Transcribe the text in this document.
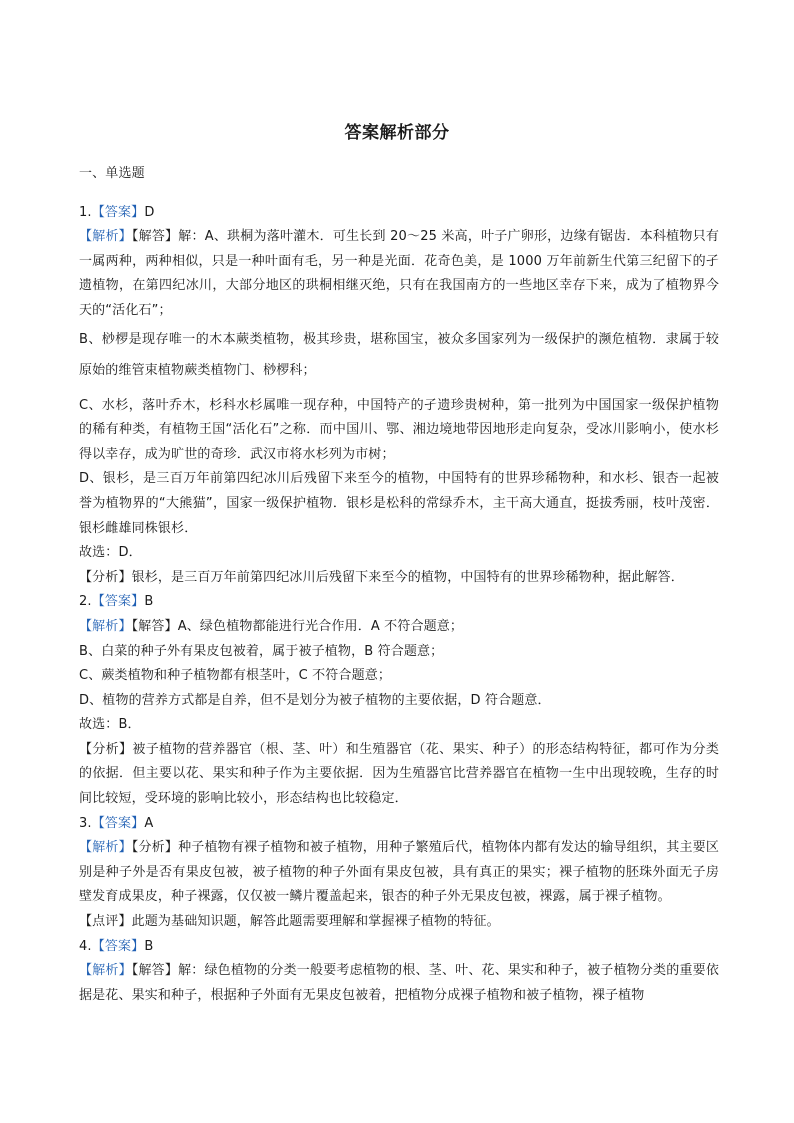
答案解析部分

一、单选题

1.【答案】D

【解析】【解答】解：A、珙桐为落叶灌木．可生长到 20～25 米高，叶子广卵形，边缘有锯齿．本科植物只有一属两种，两种相似，只是一种叶面有毛，另一种是光面．花奇色美，是 1000 万年前新生代第三纪留下的孑遗植物，在第四纪冰川，大部分地区的珙桐相继灭绝，只有在我国南方的一些地区幸存下来，成为了植物界今天的“活化石”；

B、桫椤是现存唯一的木本蕨类植物，极其珍贵，堪称国宝，被众多国家列为一级保护的濒危植物．隶属于较原始的维管束植物蕨类植物门、桫椤科；

C、水杉，落叶乔木，杉科水杉属唯一现存种，中国特产的孑遗珍贵树种，第一批列为中国国家一级保护植物的稀有种类，有植物王国“活化石”之称．而中国川、鄂、湘边境地带因地形走向复杂，受冰川影响小，使水杉得以幸存，成为旷世的奇珍．武汉市将水杉列为市树；

D、银杉，是三百万年前第四纪冰川后残留下来至今的植物，中国特有的世界珍稀物种，和水杉、银杏一起被誉为植物界的“大熊猫”，国家一级保护植物．银杉是松科的常绿乔木，主干高大通直，挺拔秀丽，枝叶茂密．银杉雌雄同株银杉．

故选：D．

【分析】银杉，是三百万年前第四纪冰川后残留下来至今的植物，中国特有的世界珍稀物种，据此解答．

2.【答案】B

【解析】【解答】A、绿色植物都能进行光合作用．A 不符合题意；

B、白菜的种子外有果皮包被着，属于被子植物，B 符合题意；

C、蕨类植物和种子植物都有根茎叶，C 不符合题意；

D、植物的营养方式都是自养，但不是划分为被子植物的主要依据，D 符合题意．

故选：B．

【分析】被子植物的营养器官（根、茎、叶）和生殖器官（花、果实、种子）的形态结构特征，都可作为分类的依据．但主要以花、果实和种子作为主要依据．因为生殖器官比营养器官在植物一生中出现较晚，生存的时间比较短，受环境的影响比较小，形态结构也比较稳定．

3.【答案】A

【解析】【分析】种子植物有裸子植物和被子植物，用种子繁殖后代，植物体内都有发达的输导组织，其主要区别是种子外是否有果皮包被，被子植物的种子外面有果皮包被，具有真正的果实；裸子植物的胚珠外面无子房壁发育成果皮，种子裸露，仅仅被一鳞片覆盖起来，银杏的种子外无果皮包被，裸露，属于裸子植物。

【点评】此题为基础知识题，解答此题需要理解和掌握裸子植物的特征。

4.【答案】B

【解析】【解答】解：绿色植物的分类一般要考虑植物的根、茎、叶、花、果实和种子，被子植物分类的重要依据是花、果实和种子，根据种子外面有无果皮包被着，把植物分成裸子植物和被子植物，裸子植物
